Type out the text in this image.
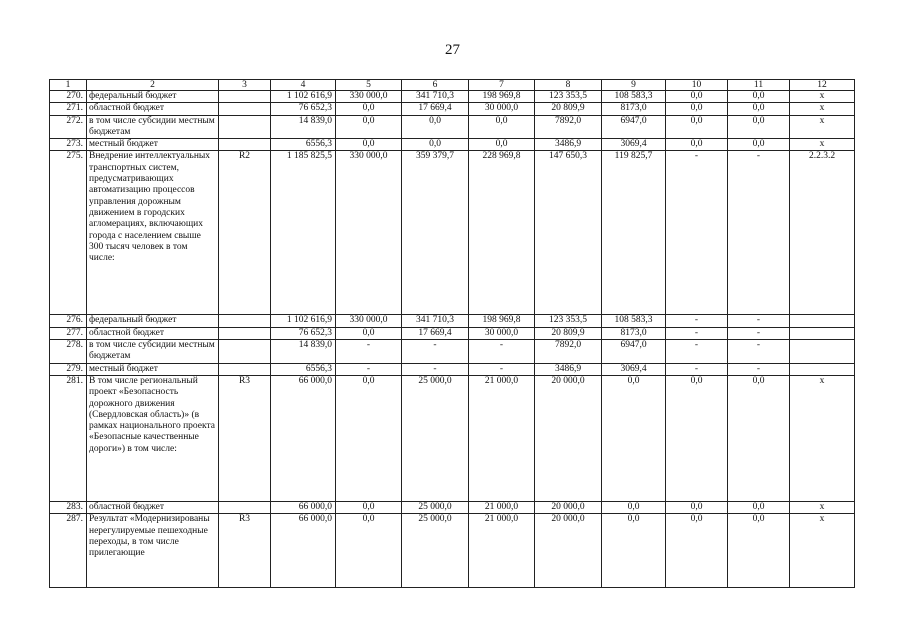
27
1	2	3	4	5	6	7	8	9	10	11	12
270.	федеральный бюджет		1 102 616,9	330 000,0	341 710,3	198 969,8	123 353,5	108 583,3	0,0	0,0	x
271.	областной бюджет		76 652,3	0,0	17 669,4	30 000,0	20 809,9	8173,0	0,0	0,0	x
272.	в том числе субсидии местным бюджетам		14 839,0	0,0	0,0	0,0	7892,0	6947,0	0,0	0,0	x
273.	местный бюджет		6556,3	0,0	0,0	0,0	3486,9	3069,4	0,0	0,0	x
275.	Внедрение интеллектуальных транспортных систем, предусматривающих автоматизацию процессов управления дорожным движением в городских агломерациях, включающих города с населением свыше 300 тысяч человек в том числе:	R2	1 185 825,5	330 000,0	359 379,7	228 969,8	147 650,3	119 825,7	-	-	2.2.3.2
276.	федеральный бюджет		1 102 616,9	330 000,0	341 710,3	198 969,8	123 353,5	108 583,3	-	-	
277.	областной бюджет		76 652,3	0,0	17 669,4	30 000,0	20 809,9	8173,0	-	-	
278.	в том числе субсидии местным бюджетам		14 839,0	-	-	-	7892,0	6947,0	-	-	
279.	местный бюджет		6556,3	-	-	-	3486,9	3069,4	-	-	
281.	В том числе региональный проект «Безопасность дорожного движения (Свердловская область)» (в рамках национального проекта «Безопасные качественные дороги») в том числе:	R3	66 000,0	0,0	25 000,0	21 000,0	20 000,0	0,0	0,0	0,0	x
283.	областной бюджет		66 000,0	0,0	25 000,0	21 000,0	20 000,0	0,0	0,0	0,0	x
287.	Результат «Модернизированы нерегулируемые пешеходные переходы, в том числе прилегающие	R3	66 000,0	0,0	25 000,0	21 000,0	20 000,0	0,0	0,0	0,0	x
